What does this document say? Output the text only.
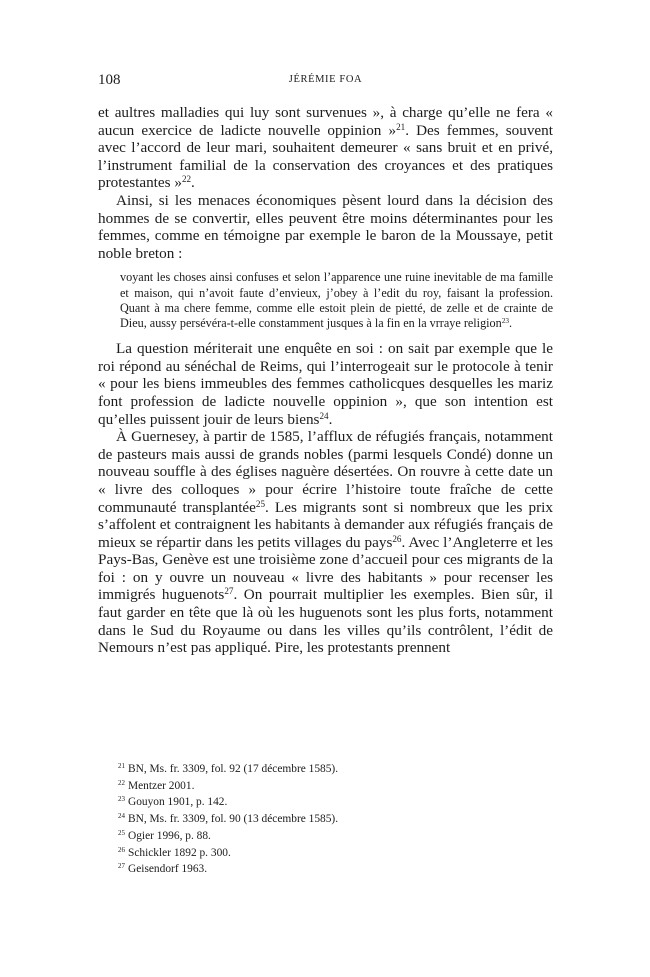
108	JÉRÉMIE FOA

et aultres malladies qui luy sont survenues », à charge qu’elle ne fera « aucun exercice de ladicte nouvelle oppinion »$^{21}$. Des femmes, souvent avec l’accord de leur mari, souhaitent demeurer « sans bruit et en privé, l’instrument familial de la conservation des croyances et des pratiques protestantes »$^{22}$.

Ainsi, si les menaces économiques pèsent lourd dans la décision des hommes de se convertir, elles peuvent être moins déterminantes pour les femmes, comme en témoigne par exemple le baron de la Moussaye, petit noble breton :

voyant les choses ainsi confuses et selon l’apparence une ruine inevitable de ma famille et maison, qui n’avoit faute d’envieux, j’obey à l’edit du roy, faisant la profession. Quant à ma chere femme, comme elle estoit plein de pietté, de zelle et de crainte de Dieu, aussy persévéra-t-elle constamment jusques à la fin en la vrraye religion$^{23}$.

La question mériterait une enquête en soi : on sait par exemple que le roi répond au sénéchal de Reims, qui l’interrogeait sur le protocole à tenir « pour les biens immeubles des femmes catholicques desquelles les mariz font profession de ladicte nouvelle oppinion », que son intention est qu’elles puissent jouir de leurs biens$^{24}$.

À Guernesey, à partir de 1585, l’afflux de réfugiés français, notamment de pasteurs mais aussi de grands nobles (parmi lesquels Condé) donne un nouveau souffle à des églises naguère désertées. On rouvre à cette date un « livre des colloques » pour écrire l’histoire toute fraîche de cette communauté transplantée$^{25}$. Les migrants sont si nombreux que les prix s’affolent et contraignent les habitants à demander aux réfugiés français de mieux se répartir dans les petits villages du pays$^{26}$. Avec l’Angleterre et les Pays-Bas, Genève est une troisième zone d’accueil pour ces migrants de la foi : on y ouvre un nouveau « livre des habitants » pour recenser les immigrés huguenots$^{27}$. On pourrait multiplier les exemples. Bien sûr, il faut garder en tête que là où les huguenots sont les plus forts, notamment dans le Sud du Royaume ou dans les villes qu’ils contrôlent, l’édit de Nemours n’est pas appliqué. Pire, les protestants prennent

$^{21}$ BN, Ms. fr. 3309, fol. 92 (17 décembre 1585).
$^{22}$ Mentzer 2001.
$^{23}$ Gouyon 1901, p. 142.
$^{24}$ BN, Ms. fr. 3309, fol. 90 (13 décembre 1585).
$^{25}$ Ogier 1996, p. 88.
$^{26}$ Schickler 1892 p. 300.
$^{27}$ Geisendorf 1963.
